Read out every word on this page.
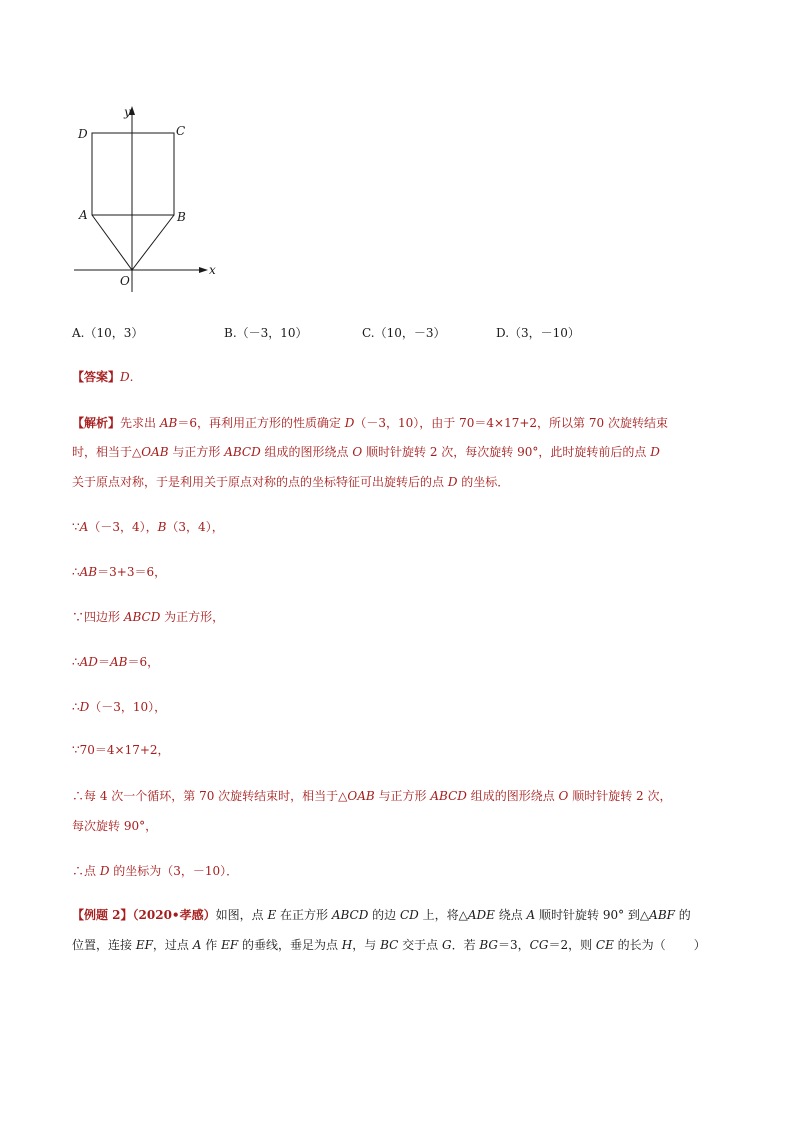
y
x
D	C
A	B
O
A.（10，3）	B.（－3，10）	C.（10，－3）	D.（3，－10）
【答案】D.
【解析】先求出 AB＝6，再利用正方形的性质确定 D（－3，10），由于 70＝4×17+2，所以第 70 次旋转结束
时，相当于△OAB 与正方形 ABCD 组成的图形绕点 O 顺时针旋转 2 次，每次旋转 90°，此时旋转前后的点 D
关于原点对称，于是利用关于原点对称的点的坐标特征可出旋转后的点 D 的坐标．
∵A（－3，4），B（3，4），
∴AB＝3+3＝6，
∵四边形 ABCD 为正方形，
∴AD＝AB＝6，
∴D（－3，10），
∵70＝4×17+2，
∴每 4 次一个循环，第 70 次旋转结束时，相当于△OAB 与正方形 ABCD 组成的图形绕点 O 顺时针旋转 2 次，
每次旋转 90°，
∴点 D 的坐标为（3，－10）．
【例题 2】（2020•孝感）如图，点 E 在正方形 ABCD 的边 CD 上，将△ADE 绕点 A 顺时针旋转 90° 到△ABF 的
位置，连接 EF，过点 A 作 EF 的垂线，垂足为点 H，与 BC 交于点 G．若 BG＝3，CG＝2，则 CE 的长为（ ）
